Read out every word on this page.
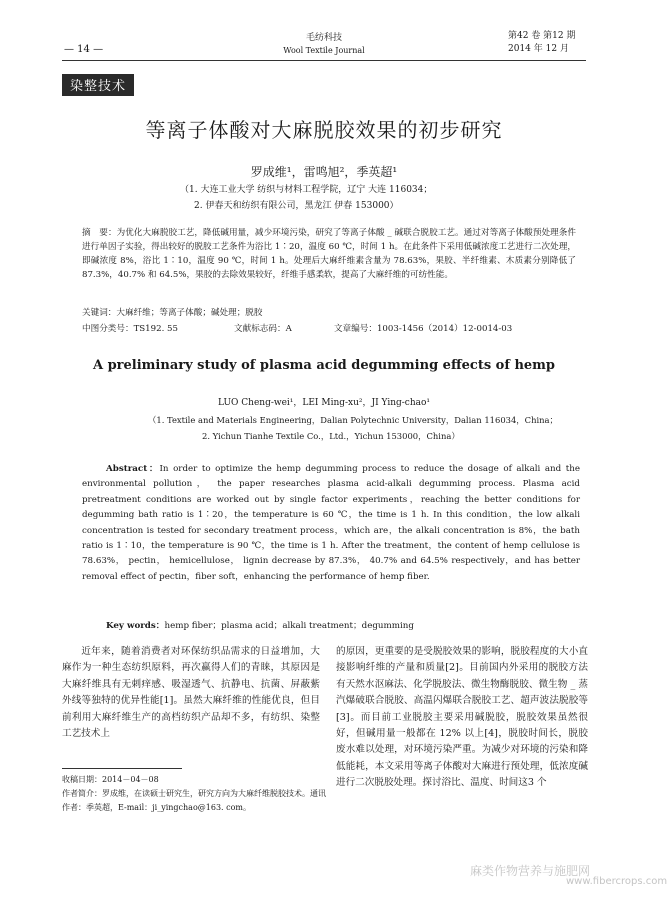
毛纺科技
Wool Textile Journal
— 14 —
第42 卷 第12 期
2014 年 12 月
染整技术
等离子体酸对大麻脱胶效果的初步研究
罗成维¹，雷鸣旭²，季英超¹
（1. 大连工业大学 纺织与材料工程学院，辽宁 大连 116034；
2. 伊春天和纺织有限公司，黑龙江 伊春 153000）
摘　要：为优化大麻脱胶工艺，降低碱用量，减少环境污染，研究了等离子体酸 _ 碱联合脱胶工艺。通过对等离子体酸预处理条件进行单因子实验，得出较好的脱胶工艺条件为浴比 1∶20，温度 60 ℃，时间 1 h。在此条件下采用低碱浓度工艺进行二次处理，即碱浓度 8%，浴比 1∶10，温度 90 ℃，时间 1 h。处理后大麻纤维素含量为 78.63%，果胶、半纤维素、木质素分别降低了 87.3%，40.7% 和 64.5%，果胶的去除效果较好，纤维手感柔软，提高了大麻纤维的可纺性能。
关键词：大麻纤维；等离子体酸；碱处理；脱胶
中图分类号：TS192. 55	文献标志码：A	文章编号：1003-1456（2014）12-0014-03
A preliminary study of plasma acid degumming effects of hemp
LUO Cheng-wei¹，LEI Ming-xu²，JI Ying-chao¹
（1. Textile and Materials Engineering，Dalian Polytechnic University，Dalian 116034，China；
2. Yichun Tianhe Textile Co.，Ltd.，Yichun 153000，China）
Abstract：In order to optimize the hemp degumming process to reduce the dosage of alkali and the environmental pollution， the paper researches plasma acid-alkali degumming process. Plasma acid pretreatment conditions are worked out by single factor experiments，reaching the better conditions for degumming bath ratio is 1∶20，the temperature is 60 ℃，the time is 1 h. In this condition，the low alkali concentration is tested for secondary treatment process，which are，the alkali concentration is 8%，the bath ratio is 1∶10，the temperature is 90 ℃，the time is 1 h. After the treatment，the content of hemp cellulose is 78.63%， pectin， hemicellulose， lignin decrease by 87.3%， 40.7% and 64.5% respectively，and has better removal effect of pectin，fiber soft，enhancing the performance of hemp fiber.
Key words：hemp fiber；plasma acid；alkali treatment；degumming
近年来，随着消费者对环保纺织品需求的日益增加，大麻作为一种生态纺织原料，再次赢得人们的青睐，其原因是大麻纤维具有无刺痒感、吸湿透气、抗静电、抗菌、屏蔽紫外线等独特的优异性能[1]。虽然大麻纤维的性能优良，但目前利用大麻纤维生产的高档纺织产品却不多，有纺织、染整工艺技术上
的原因，更重要的是受脱胶效果的影响，脱胶程度的大小直接影响纤维的产量和质量[2]。目前国内外采用的脱胶方法有天然水沤麻法、化学脱胶法、微生物酶脱胶、微生物 _ 蒸汽爆破联合脱胶、高温闪爆联合脱胶工艺、超声波法脱胶等[3]。而目前工业脱胶主要采用碱脱胶，脱胶效果虽然很好，但碱用量一般都在 12% 以上[4]，脱胶时间长，脱胶废水难以处理，对环境污染严重。为减少对环境的污染和降低能耗，本文采用等离子体酸对大麻进行预处理，低浓度碱进行二次脱胶处理。探讨浴比、温度、时间这3 个
收稿日期：2014－04－08
作者简介：罗成维，在读硕士研究生，研究方向为大麻纤维脱胶技术。通讯作者：季英超，E-mail：ji_yingchao@163. com。
麻类作物营养与施肥网
www.fibercrops.com
